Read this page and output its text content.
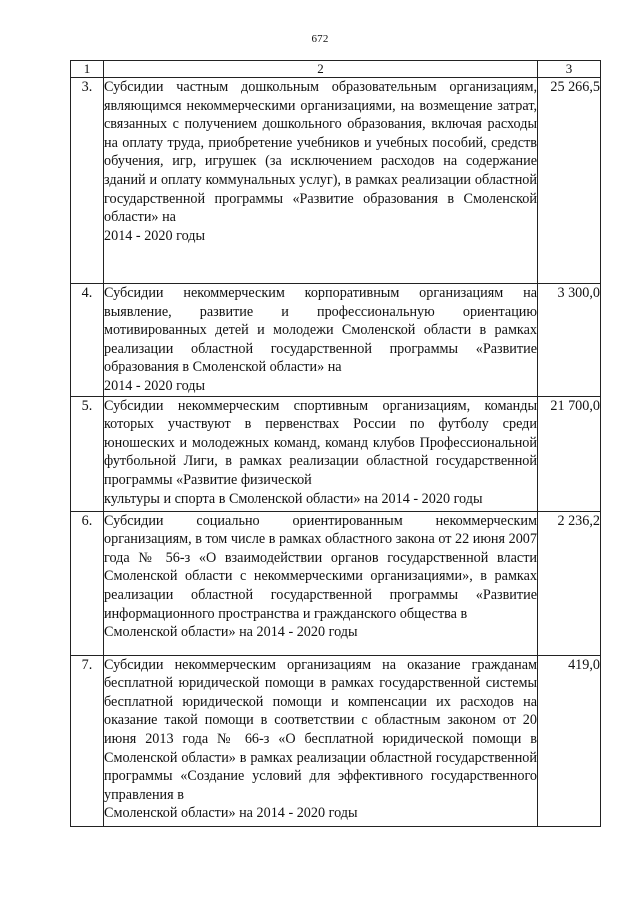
672
1	2	3
3.	Субсидии частным дошкольным образовательным организациям, являющимся некоммерческими организациями, на возмещение затрат, связанных с получением дошкольного образования, включая расходы на оплату труда, приобретение учебников и учебных пособий, средств обучения, игр, игрушек (за исключением расходов на содержание зданий и оплату коммунальных услуг), в рамках реализации областной государственной программы «Развитие образования в Смоленской области» на
2014 - 2020 годы	25 266,5
4.	Субсидии некоммерческим корпоративным организациям на выявление, развитие и профессиональную ориентацию мотивированных детей и молодежи Смоленской области в рамках реализации областной государственной программы «Развитие образования в Смоленской области» на
2014 - 2020 годы	3 300,0
5.	Субсидии некоммерческим спортивным организациям, команды которых участвуют в первенствах России по футболу среди юношеских и молодежных команд, команд клубов Профессиональной футбольной Лиги, в рамках реализации областной государственной программы «Развитие физической
культуры и спорта в Смоленской области» на 2014 - 2020 годы	21 700,0
6.	Субсидии социально ориентированным некоммерческим организациям, в том числе в рамках областного закона от 22 июня 2007 года № 56-з «О взаимодействии органов государственной власти Смоленской области с некоммерческими организациями», в рамках реализации областной государственной программы «Развитие информационного пространства и гражданского общества в
Смоленской области» на 2014 - 2020 годы	2 236,2
7.	Субсидии некоммерческим организациям на оказание гражданам бесплатной юридической помощи в рамках государственной системы бесплатной юридической помощи и компенсации их расходов на оказание такой помощи в соответствии с областным законом от 20 июня 2013 года № 66-з «О бесплатной юридической помощи в Смоленской области» в рамках реализации областной государственной программы «Создание условий для эффективного государственного управления в
Смоленской области» на 2014 - 2020 годы	419,0
